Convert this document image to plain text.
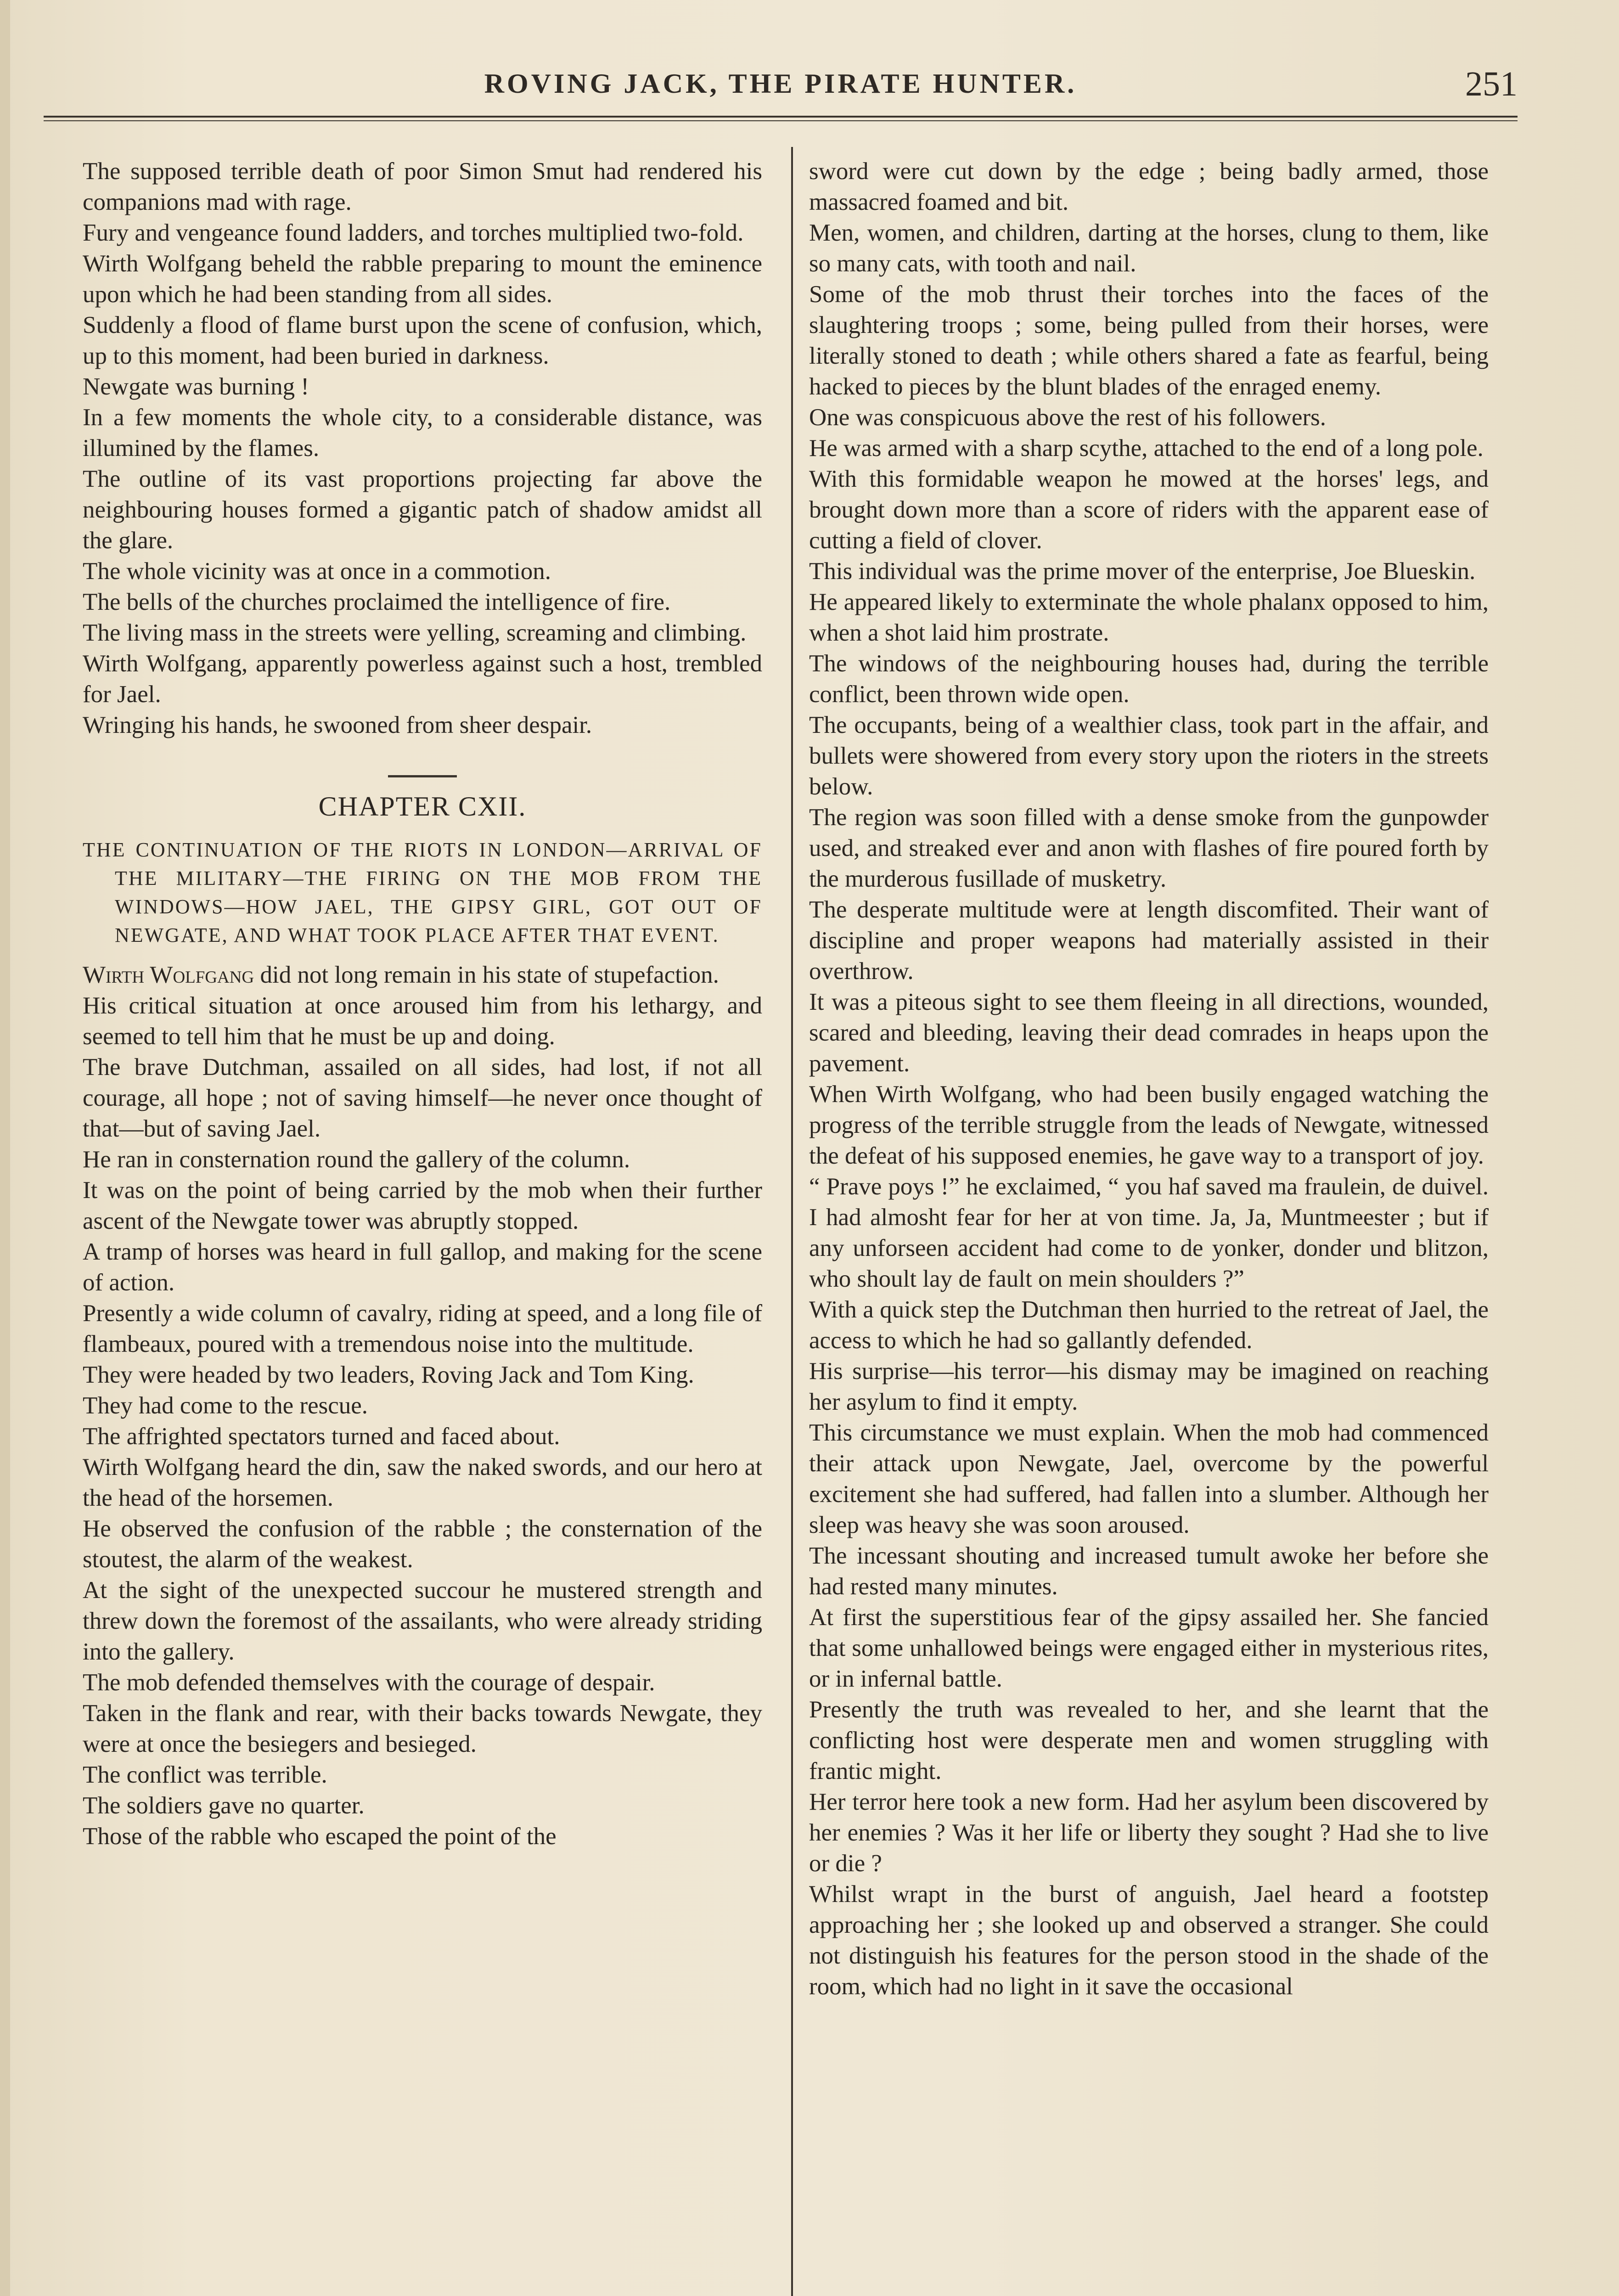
ROVING JACK, THE PIRATE HUNTER.	251

The supposed terrible death of poor Simon Smut had rendered his companions mad with rage.

Fury and vengeance found ladders, and torches multiplied two-fold.

Wirth Wolfgang beheld the rabble preparing to mount the eminence upon which he had been standing from all sides.

Suddenly a flood of flame burst upon the scene of confusion, which, up to this moment, had been buried in darkness.

Newgate was burning !

In a few moments the whole city, to a considerable distance, was illumined by the flames.

The outline of its vast proportions projecting far above the neighbouring houses formed a gigantic patch of shadow amidst all the glare.

The whole vicinity was at once in a commotion.

The bells of the churches proclaimed the intelligence of fire.

The living mass in the streets were yelling, screaming and climbing.

Wirth Wolfgang, apparently powerless against such a host, trembled for Jael.

Wringing his hands, he swooned from sheer despair.

CHAPTER CXII.
THE CONTINUATION OF THE RIOTS IN LONDON—ARRIVAL OF THE MILITARY—THE FIRING ON THE MOB FROM THE WINDOWS—HOW JAEL, THE GIPSY GIRL, GOT OUT OF NEWGATE, AND WHAT TOOK PLACE AFTER THAT EVENT.

Wirth Wolfgang did not long remain in his state of stupefaction.

His critical situation at once aroused him from his lethargy, and seemed to tell him that he must be up and doing.

The brave Dutchman, assailed on all sides, had lost, if not all courage, all hope ; not of saving himself—he never once thought of that—but of saving Jael.

He ran in consternation round the gallery of the column.

It was on the point of being carried by the mob when their further ascent of the Newgate tower was abruptly stopped.

A tramp of horses was heard in full gallop, and making for the scene of action.

Presently a wide column of cavalry, riding at speed, and a long file of flambeaux, poured with a tremendous noise into the multitude.

They were headed by two leaders, Roving Jack and Tom King.

They had come to the rescue.

The affrighted spectators turned and faced about.

Wirth Wolfgang heard the din, saw the naked swords, and our hero at the head of the horsemen.

He observed the confusion of the rabble ; the consternation of the stoutest, the alarm of the weakest.

At the sight of the unexpected succour he mustered strength and threw down the foremost of the assailants, who were already striding into the gallery.

The mob defended themselves with the courage of despair.

Taken in the flank and rear, with their backs towards Newgate, they were at once the besiegers and besieged.

The conflict was terrible.

The soldiers gave no quarter.

Those of the rabble who escaped the point of the

sword were cut down by the edge ; being badly armed, those massacred foamed and bit.

Men, women, and children, darting at the horses, clung to them, like so many cats, with tooth and nail.

Some of the mob thrust their torches into the faces of the slaughtering troops ; some, being pulled from their horses, were literally stoned to death ; while others shared a fate as fearful, being hacked to pieces by the blunt blades of the enraged enemy.

One was conspicuous above the rest of his followers.

He was armed with a sharp scythe, attached to the end of a long pole.

With this formidable weapon he mowed at the horses' legs, and brought down more than a score of riders with the apparent ease of cutting a field of clover.

This individual was the prime mover of the enterprise, Joe Blueskin.

He appeared likely to exterminate the whole phalanx opposed to him, when a shot laid him prostrate.

The windows of the neighbouring houses had, during the terrible conflict, been thrown wide open.

The occupants, being of a wealthier class, took part in the affair, and bullets were showered from every story upon the rioters in the streets below.

The region was soon filled with a dense smoke from the gunpowder used, and streaked ever and anon with flashes of fire poured forth by the murderous fusillade of musketry.

The desperate multitude were at length discomfited. Their want of discipline and proper weapons had materially assisted in their overthrow.

It was a piteous sight to see them fleeing in all directions, wounded, scared and bleeding, leaving their dead comrades in heaps upon the pavement.

When Wirth Wolfgang, who had been busily engaged watching the progress of the terrible struggle from the leads of Newgate, witnessed the defeat of his supposed enemies, he gave way to a transport of joy.

“ Prave poys !” he exclaimed, “ you haf saved ma fraulein, de duivel. I had almosht fear for her at von time. Ja, Ja, Muntmeester ; but if any unforseen accident had come to de yonker, donder und blitzon, who shoult lay de fault on mein shoulders ?”

With a quick step the Dutchman then hurried to the retreat of Jael, the access to which he had so gallantly defended.

His surprise—his terror—his dismay may be imagined on reaching her asylum to find it empty.

This circumstance we must explain. When the mob had commenced their attack upon Newgate, Jael, overcome by the powerful excitement she had suffered, had fallen into a slumber. Although her sleep was heavy she was soon aroused.

The incessant shouting and increased tumult awoke her before she had rested many minutes.

At first the superstitious fear of the gipsy assailed her. She fancied that some unhallowed beings were engaged either in mysterious rites, or in infernal battle.

Presently the truth was revealed to her, and she learnt that the conflicting host were desperate men and women struggling with frantic might.

Her terror here took a new form. Had her asylum been discovered by her enemies ? Was it her life or liberty they sought ? Had she to live or die ?

Whilst wrapt in the burst of anguish, Jael heard a footstep approaching her ; she looked up and observed a stranger. She could not distinguish his features for the person stood in the shade of the room, which had no light in it save the occasional
